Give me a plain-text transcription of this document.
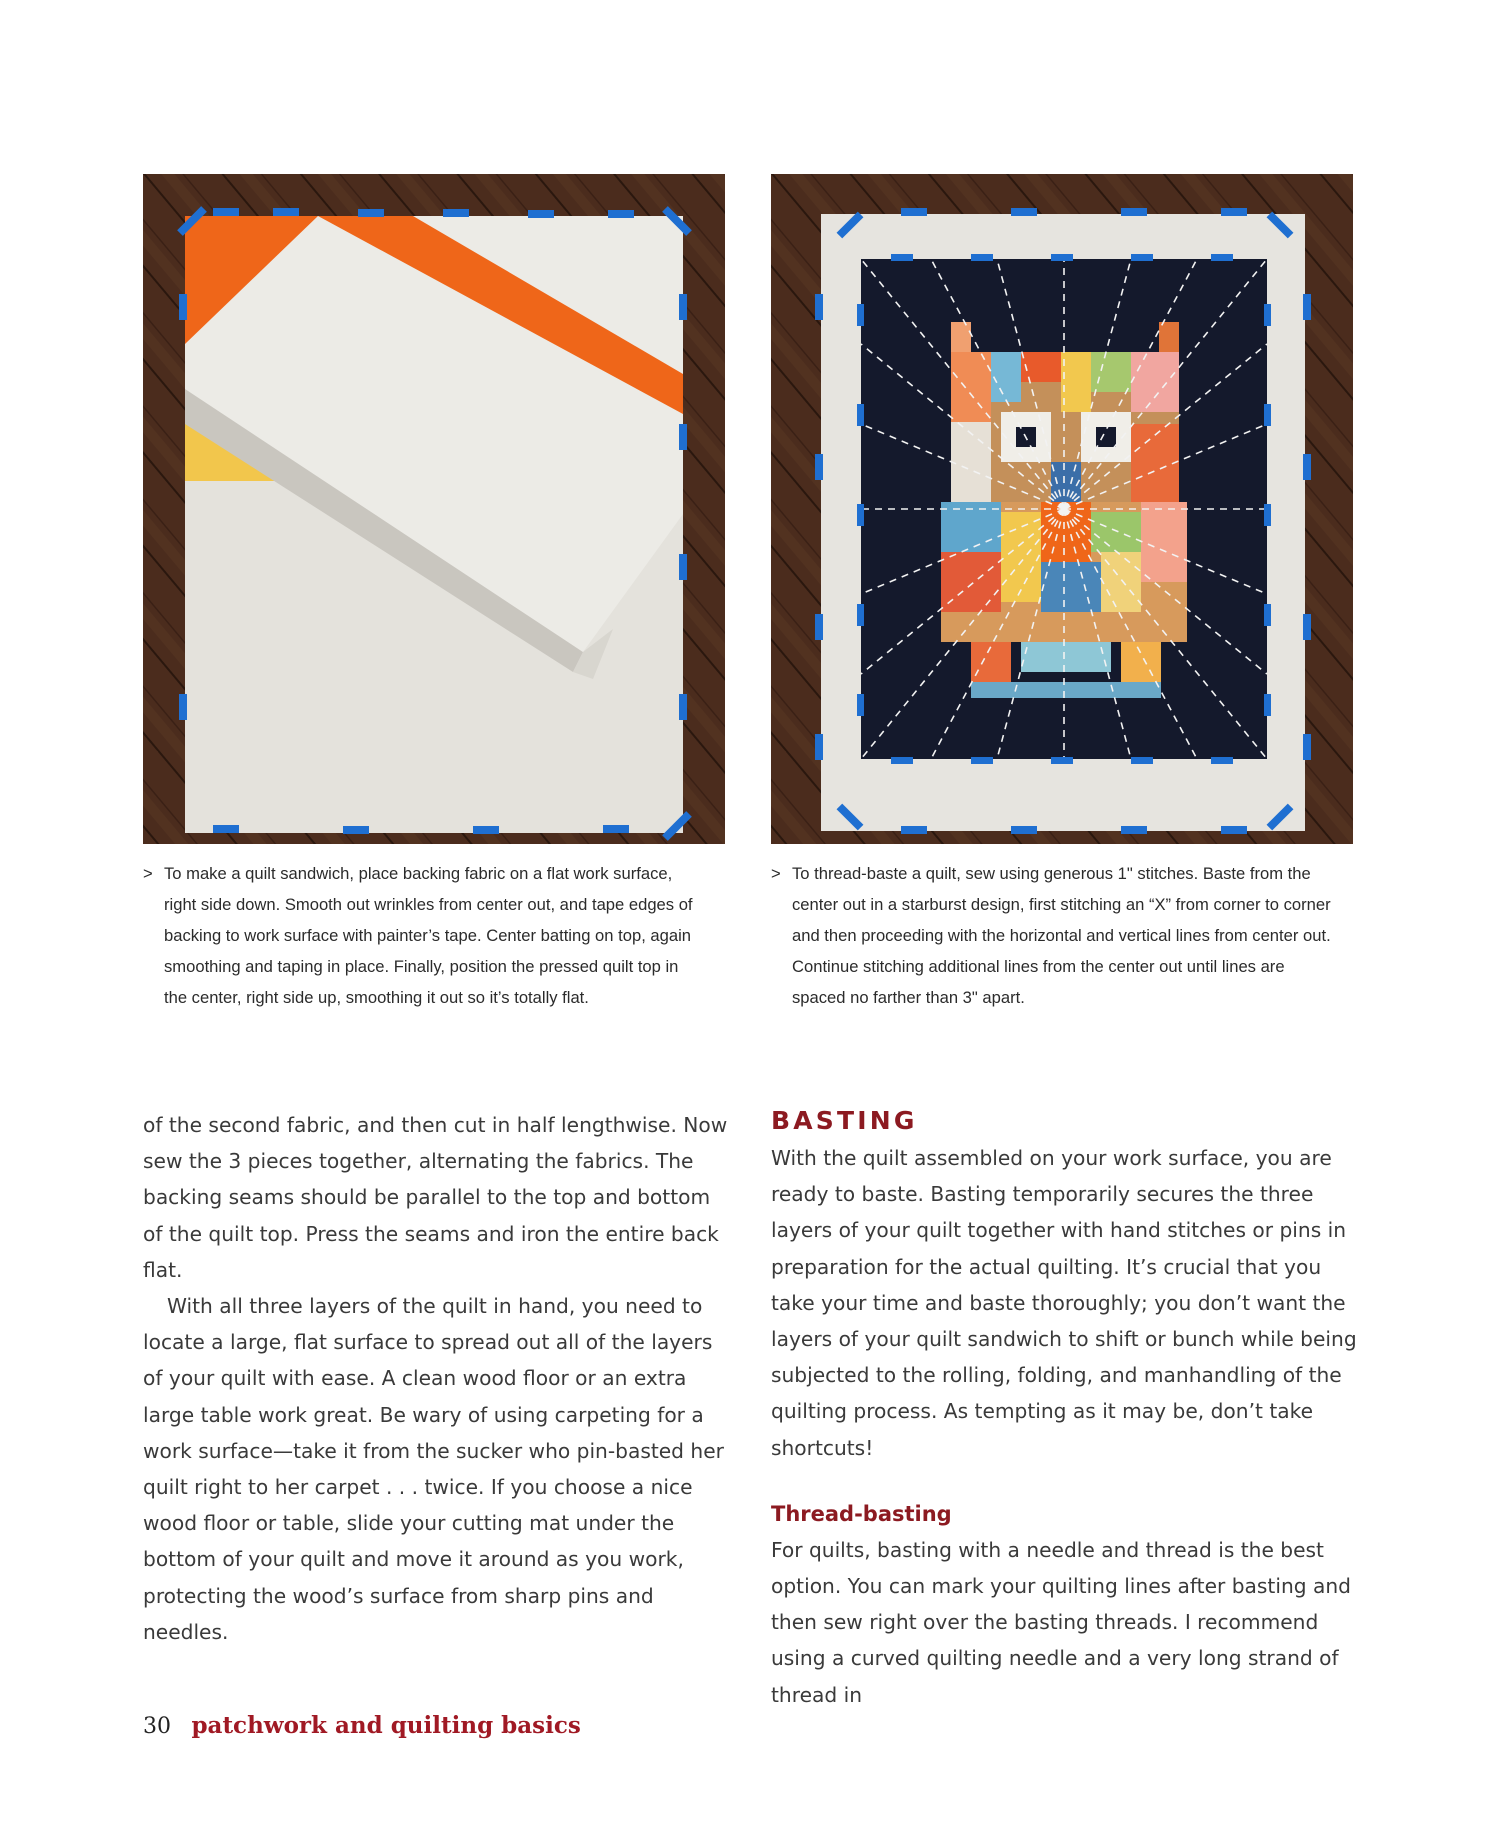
> To make a quilt sandwich, place backing fabric on a flat work surface, right side down. Smooth out wrinkles from center out, and tape edges of backing to work surface with painter’s tape. Center batting on top, again smoothing and taping in place. Finally, position the pressed quilt top in the center, right side up, smoothing it out so it’s totally flat.
> To thread-baste a quilt, sew using generous 1" stitches. Baste from the center out in a starburst design, first stitching an “X” from corner to corner and then proceeding with the horizontal and vertical lines from center out. Continue stitching additional lines from the center out until lines are spaced no farther than 3" apart.

of the second fabric, and then cut in half lengthwise. Now sew the 3 pieces together, alternating the fabrics. The backing seams should be parallel to the top and bottom of the quilt top. Press the seams and iron the entire back flat.

With all three layers of the quilt in hand, you need to locate a large, flat surface to spread out all of the layers of your quilt with ease. A clean wood floor or an extra large table work great. Be wary of using carpeting for a work surface—take it from the sucker who pin-basted her quilt right to her carpet . . . twice. If you choose a nice wood floor or table, slide your cutting mat under the bottom of your quilt and move it around as you work, protecting the wood’s surface from sharp pins and needles.

BASTING

With the quilt assembled on your work surface, you are ready to baste. Basting temporarily secures the three layers of your quilt together with hand stitches or pins in preparation for the actual quilting. It’s crucial that you take your time and baste thoroughly; you don’t want the layers of your quilt sandwich to shift or bunch while being subjected to the rolling, folding, and manhandling of the quilting process. As tempting as it may be, don’t take shortcuts!

Thread-basting

For quilts, basting with a needle and thread is the best option. You can mark your quilting lines after basting and then sew right over the basting threads. I recommend using a curved quilting needle and a very long strand of thread in

30 patchwork and quilting basics
